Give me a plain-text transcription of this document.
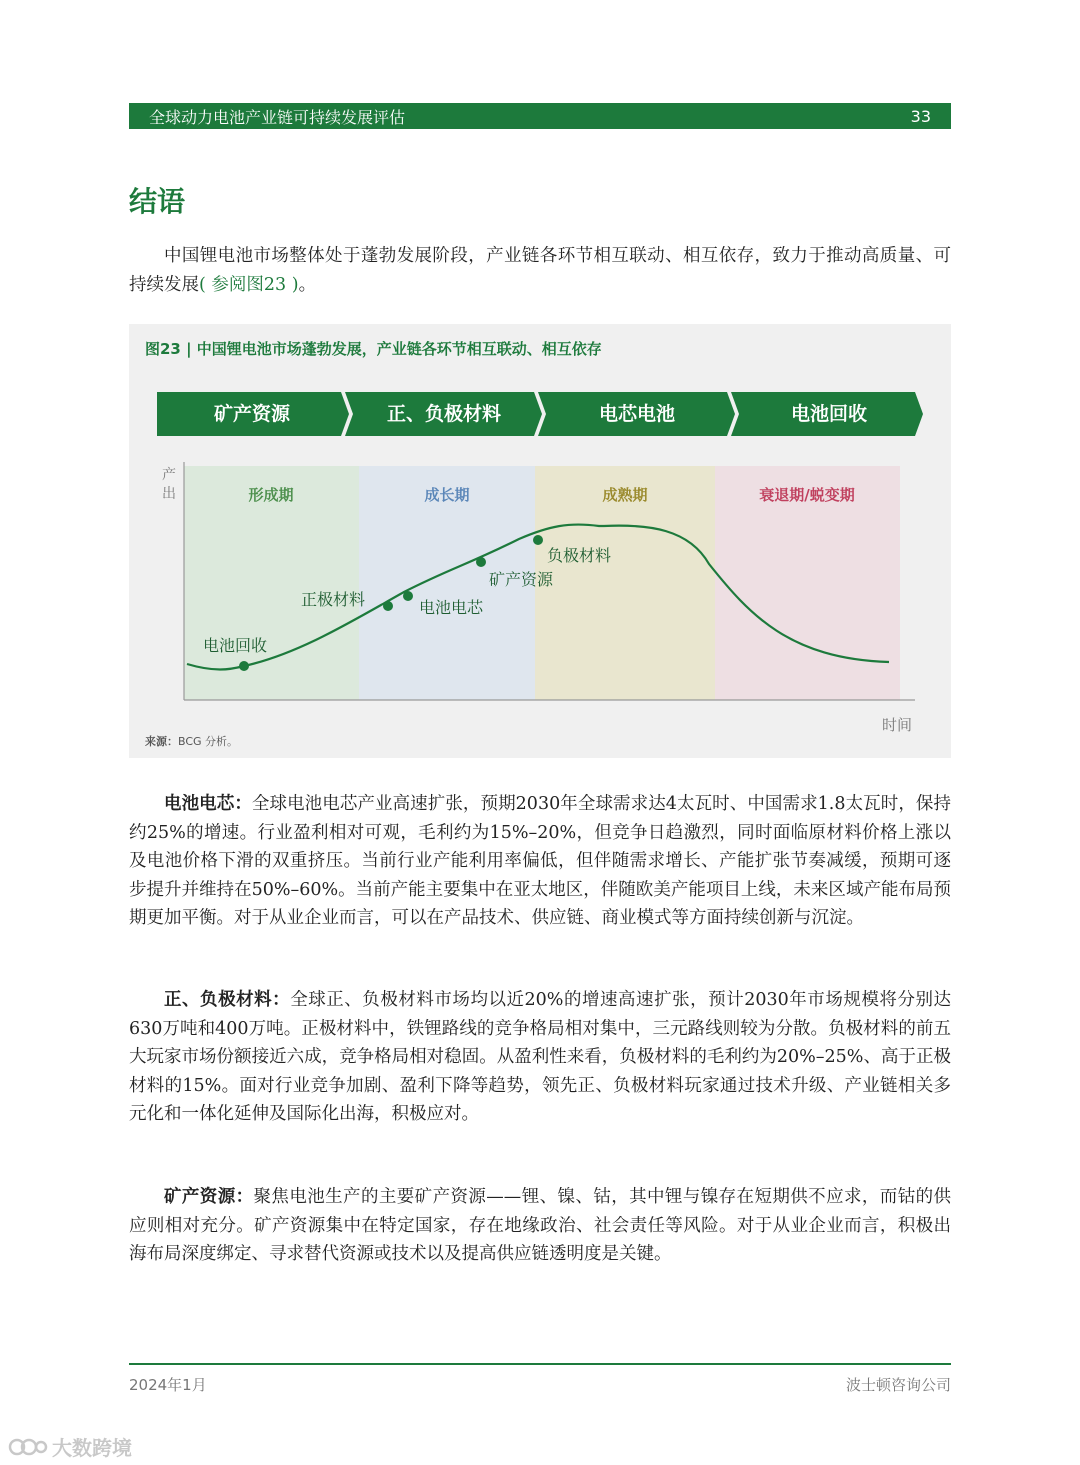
全球动力电池产业链可持续发展评估	33
结语

中国锂电池市场整体处于蓬勃发展阶段，产业链各环节相互联动、相互依存，致力于推动高质量、可持续发展( 参阅图23 )。

图23 | 中国锂电池市场蓬勃发展，产业链各环节相互联动、相互依存
矿产资源	正、负极材料	电芯电池	电池回收
形成期	成长期	成熟期	衰退期/蜕变期
产
出
时间
电池回收
正极材料	电池电芯
矿产资源
负极材料
来源：BCG 分析。

电池电芯：全球电池电芯产业高速扩张，预期2030年全球需求达4太瓦时、中国需求1.8太瓦时，保持约25%的增速。行业盈利相对可观，毛利约为15%–20%，但竞争日趋激烈，同时面临原材料价格上涨以及电池价格下滑的双重挤压。当前行业产能利用率偏低，但伴随需求增长、产能扩张节奏减缓，预期可逐步提升并维持在50%–60%。当前产能主要集中在亚太地区，伴随欧美产能项目上线，未来区域产能布局预期更加平衡。对于从业企业而言，可以在产品技术、供应链、商业模式等方面持续创新与沉淀。

正、负极材料：全球正、负极材料市场均以近20%的增速高速扩张，预计2030年市场规模将分别达630万吨和400万吨。正极材料中，铁锂路线的竞争格局相对集中，三元路线则较为分散。负极材料的前五大玩家市场份额接近六成，竞争格局相对稳固。从盈利性来看，负极材料的毛利约为20%–25%、高于正极材料的15%。面对行业竞争加剧、盈利下降等趋势，领先正、负极材料玩家通过技术升级、产业链相关多元化和一体化延伸及国际化出海，积极应对。

矿产资源：聚焦电池生产的主要矿产资源——锂、镍、钴，其中锂与镍存在短期供不应求，而钴的供应则相对充分。矿产资源集中在特定国家，存在地缘政治、社会责任等风险。对于从业企业而言，积极出海布局深度绑定、寻求替代资源或技术以及提高供应链透明度是关键。

2024年1月	波士顿咨询公司
大数跨境
